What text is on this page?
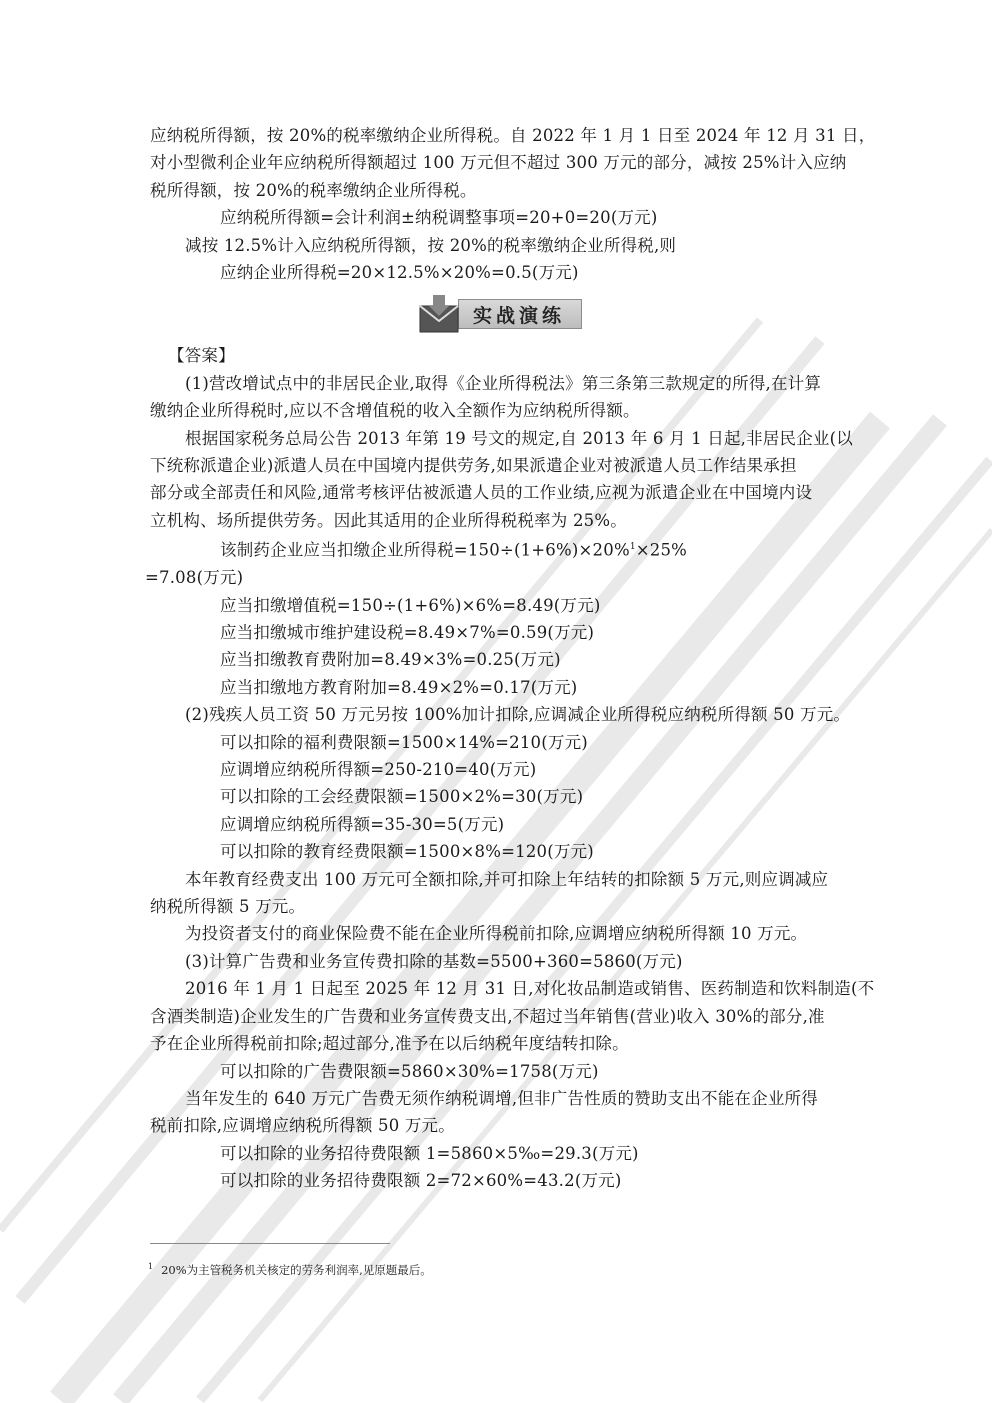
应纳税所得额，按 20%的税率缴纳企业所得税。自 2022 年 1 月 1 日至 2024 年 12 月 31 日，
对小型微利企业年应纳税所得额超过 100 万元但不超过 300 万元的部分，减按 25%计入应纳
税所得额，按 20%的税率缴纳企业所得税。
应纳税所得额=会计利润±纳税调整事项=20+0=20(万元)
减按 12.5%计入应纳税所得额，按 20%的税率缴纳企业所得税,则
应纳企业所得税=20×12.5%×20%=0.5(万元)
实战演练
【答案】
(1)营改增试点中的非居民企业,取得《企业所得税法》第三条第三款规定的所得,在计算
缴纳企业所得税时,应以不含增值税的收入全额作为应纳税所得额。
根据国家税务总局公告 2013 年第 19 号文的规定,自 2013 年 6 月 1 日起,非居民企业(以
下统称派遣企业)派遣人员在中国境内提供劳务,如果派遣企业对被派遣人员工作结果承担
部分或全部责任和风险,通常考核评估被派遣人员的工作业绩,应视为派遣企业在中国境内设
立机构、场所提供劳务。因此其适用的企业所得税税率为 25%。
该制药企业应当扣缴企业所得税=150÷(1+6%)×20%$^1$×25%
=7.08(万元)
应当扣缴增值税=150÷(1+6%)×6%=8.49(万元)
应当扣缴城市维护建设税=8.49×7%=0.59(万元)
应当扣缴教育费附加=8.49×3%=0.25(万元)
应当扣缴地方教育附加=8.49×2%=0.17(万元)
(2)残疾人员工资 50 万元另按 100%加计扣除,应调减企业所得税应纳税所得额 50 万元。
可以扣除的福利费限额=1500×14%=210(万元)
应调增应纳税所得额=250-210=40(万元)
可以扣除的工会经费限额=1500×2%=30(万元)
应调增应纳税所得额=35-30=5(万元)
可以扣除的教育经费限额=1500×8%=120(万元)
本年教育经费支出 100 万元可全额扣除,并可扣除上年结转的扣除额 5 万元,则应调减应
纳税所得额 5 万元。
为投资者支付的商业保险费不能在企业所得税前扣除,应调增应纳税所得额 10 万元。
(3)计算广告费和业务宣传费扣除的基数=5500+360=5860(万元)
2016 年 1 月 1 日起至 2025 年 12 月 31 日,对化妆品制造或销售、医药制造和饮料制造(不
含酒类制造)企业发生的广告费和业务宣传费支出,不超过当年销售(营业)收入 30%的部分,准
予在企业所得税前扣除;超过部分,准予在以后纳税年度结转扣除。
可以扣除的广告费限额=5860×30%=1758(万元)
当年发生的 640 万元广告费无须作纳税调增,但非广告性质的赞助支出不能在企业所得
税前扣除,应调增应纳税所得额 50 万元。
可以扣除的业务招待费限额 1=5860×5‰=29.3(万元)
可以扣除的业务招待费限额 2=72×60%=43.2(万元)
$^1$ 20%为主管税务机关核定的劳务利润率,见原题最后。
